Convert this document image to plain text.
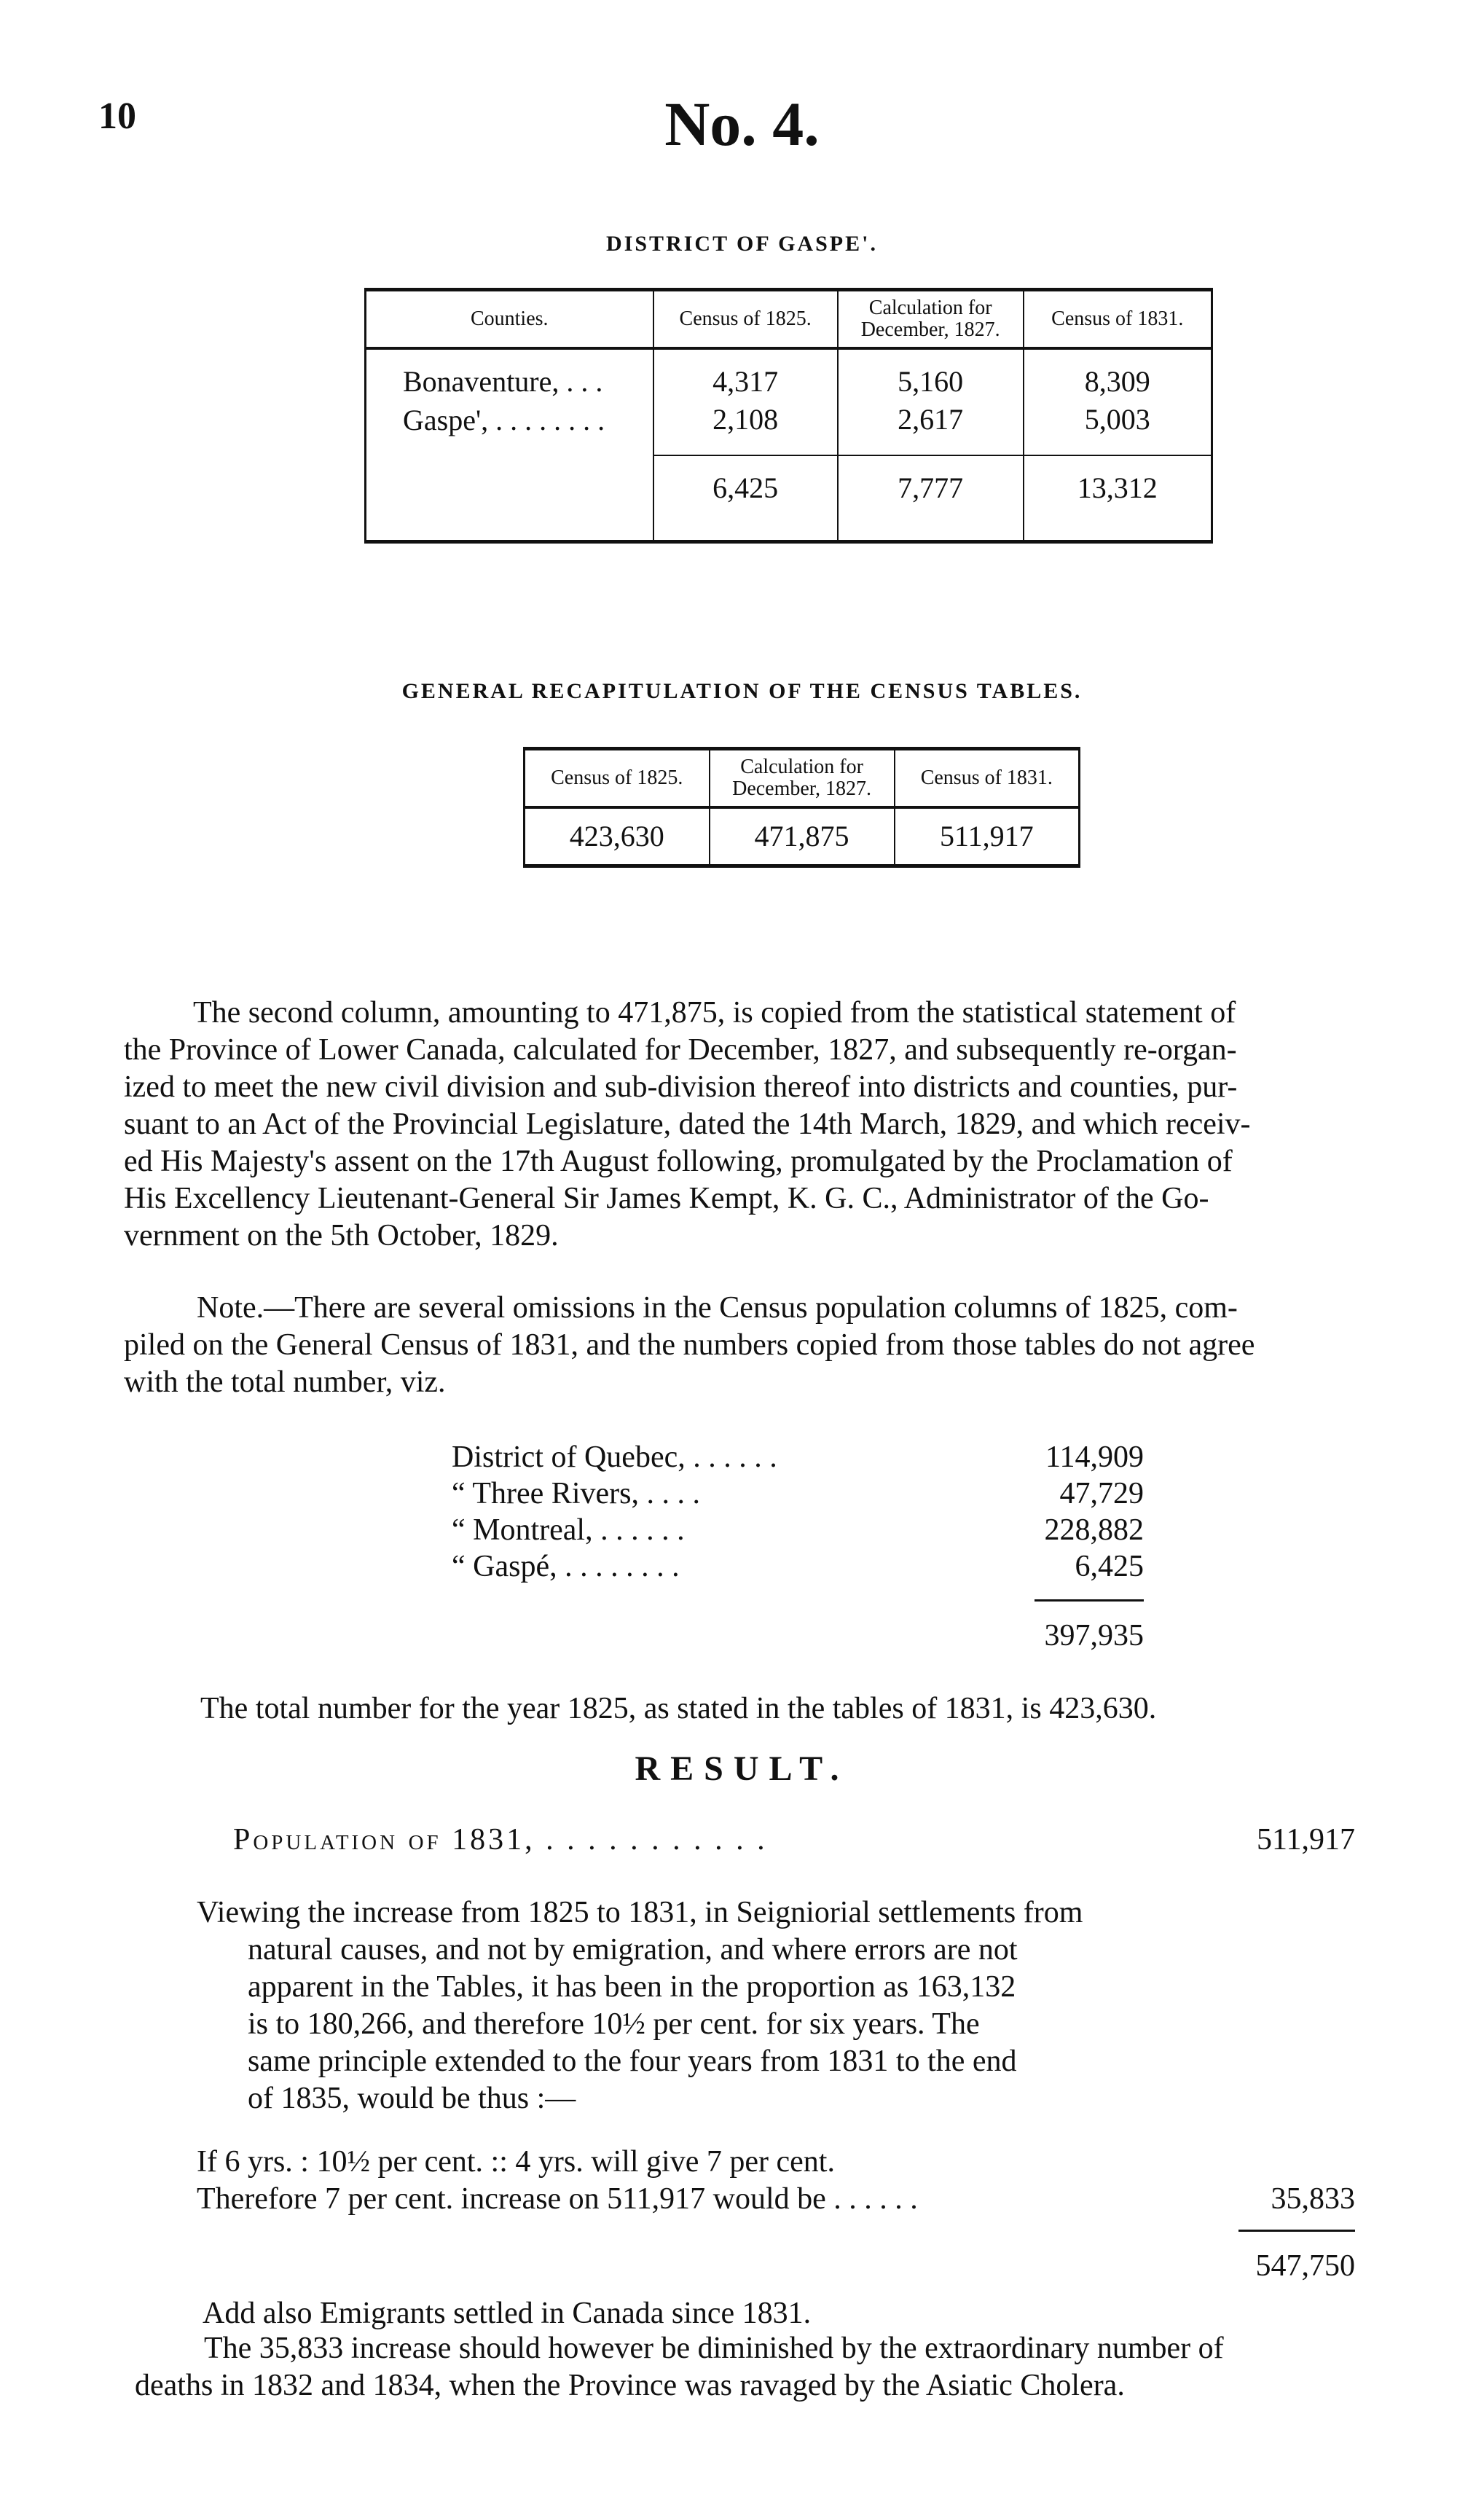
10	No. 4.
DISTRICT OF GASPE'.
Counties.	Census of 1825.	Calculation for December, 1827.	Census of 1831.
Bonaventure, . . .	4,317	5,160	8,309
Gaspe', . . . . . . . .	2,108	2,617	5,003
	6,425	7,777	13,312
GENERAL RECAPITULATION OF THE CENSUS TABLES.
Census of 1825.	Calculation for December, 1827.	Census of 1831.
423,630	471,875	511,917
The second column, amounting to 471,875, is copied from the statistical statement of
the Province of Lower Canada, calculated for December, 1827, and subsequently re-organ-
ized to meet the new civil division and sub-division thereof into districts and counties, pur-
suant to an Act of the Provincial Legislature, dated the 14th March, 1829, and which receiv-
ed His Majesty's assent on the 17th August following, promulgated by the Proclamation of
His Excellency Lieutenant-General Sir James Kempt, K. G. C., Administrator of the Go-
vernment on the 5th October, 1829.
Note.—There are several omissions in the Census population columns of 1825, com-
piled on the General Census of 1831, and the numbers copied from those tables do not agree
with the total number, viz.
District of Quebec, . . . . . .	114,909
“ Three Rivers, . . . .	47,729
“ Montreal, . . . . . .	228,882
“ Gaspé, . . . . . . . .	6,425
397,935
The total number for the year 1825, as stated in the tables of 1831, is 423,630.
RESULT.
Population of 1831, . . . . . . . . . . .	511,917
Viewing the increase from 1825 to 1831, in Seigniorial settlements from
natural causes, and not by emigration, and where errors are not
apparent in the Tables, it has been in the proportion as 163,132
is to 180,266, and therefore 10½ per cent. for six years. The
same principle extended to the four years from 1831 to the end
of 1835, would be thus :—
If 6 yrs. : 10½ per cent. :: 4 yrs. will give 7 per cent.
Therefore 7 per cent. increase on 511,917 would be . . . . . .	35,833
547,750
Add also Emigrants settled in Canada since 1831.
The 35,833 increase should however be diminished by the extraordinary number of
deaths in 1832 and 1834, when the Province was ravaged by the Asiatic Cholera.
